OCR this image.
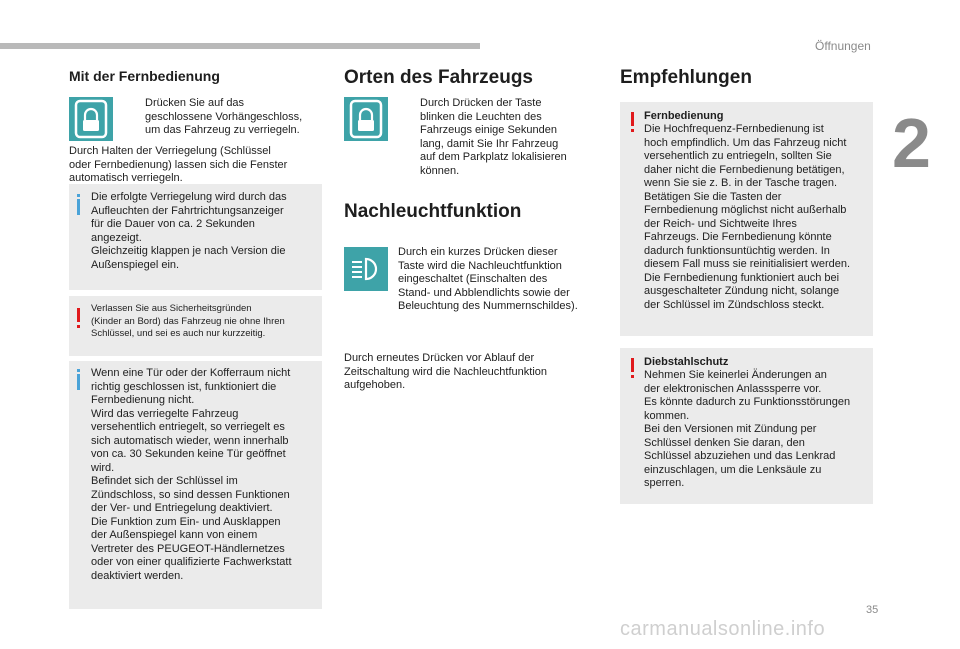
Öffnungen
2
35
carmanualsonline.info
Mit der Fernbedienung
Drücken Sie auf das
geschlossene Vorhängeschloss,
um das Fahrzeug zu verriegeln.
Durch Halten der Verriegelung (Schlüssel
oder Fernbedienung) lassen sich die Fenster
automatisch verriegeln.
Die erfolgte Verriegelung wird durch das
Aufleuchten der Fahrtrichtungsanzeiger
für die Dauer von ca. 2 Sekunden
angezeigt.
Gleichzeitig klappen je nach Version die
Außenspiegel ein.
Verlassen Sie aus Sicherheitsgründen
(Kinder an Bord) das Fahrzeug nie ohne Ihren
Schlüssel, und sei es auch nur kurzzeitig.
Wenn eine Tür oder der Kofferraum nicht
richtig geschlossen ist, funktioniert die
Fernbedienung nicht.
Wird das verriegelte Fahrzeug
versehentlich entriegelt, so verriegelt es
sich automatisch wieder, wenn innerhalb
von ca. 30 Sekunden keine Tür geöffnet
wird.
Befindet sich der Schlüssel im
Zündschloss, so sind dessen Funktionen
der Ver- und Entriegelung deaktiviert.
Die Funktion zum Ein- und Ausklappen
der Außenspiegel kann von einem
Vertreter des PEUGEOT-Händlernetzes
oder von einer qualifizierte Fachwerkstatt
deaktiviert werden.
Orten des Fahrzeugs
Durch Drücken der Taste
blinken die Leuchten des
Fahrzeugs einige Sekunden
lang, damit Sie Ihr Fahrzeug
auf dem Parkplatz lokalisieren
können.
Nachleuchtfunktion
Durch ein kurzes Drücken dieser
Taste wird die Nachleuchtfunktion
eingeschaltet (Einschalten des
Stand- und Abblendlichts sowie der
Beleuchtung des Nummernschildes).
Durch erneutes Drücken vor Ablauf der
Zeitschaltung wird die Nachleuchtfunktion
aufgehoben.
Empfehlungen
Fernbedienung
Die Hochfrequenz-Fernbedienung ist
hoch empfindlich. Um das Fahrzeug nicht
versehentlich zu entriegeln, sollten Sie
daher nicht die Fernbedienung betätigen,
wenn Sie sie z. B. in der Tasche tragen.
Betätigen Sie die Tasten der
Fernbedienung möglichst nicht außerhalb
der Reich- und Sichtweite Ihres
Fahrzeugs. Die Fernbedienung könnte
dadurch funktionsuntüchtig werden. In
diesem Fall muss sie reinitialisiert werden.
Die Fernbedienung funktioniert auch bei
ausgeschalteter Zündung nicht, solange
der Schlüssel im Zündschloss steckt.
Diebstahlschutz
Nehmen Sie keinerlei Änderungen an
der elektronischen Anlasssperre vor.
Es könnte dadurch zu Funktionsstörungen
kommen.
Bei den Versionen mit Zündung per
Schlüssel denken Sie daran, den
Schlüssel abzuziehen und das Lenkrad
einzuschlagen, um die Lenksäule zu
sperren.
